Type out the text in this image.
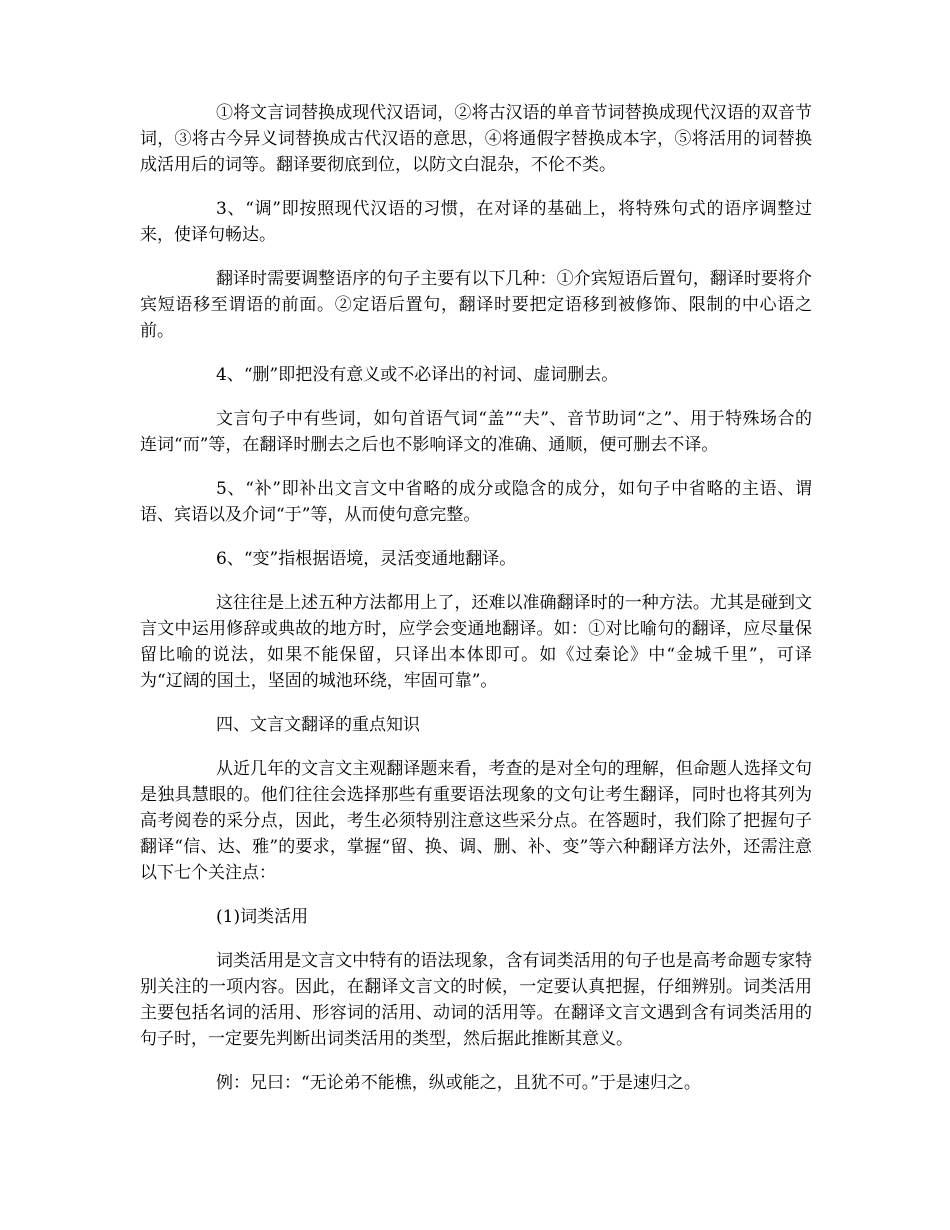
①将文言词替换成现代汉语词，②将古汉语的单音节词替换成现代汉语的双音节词，③将古今异义词替换成古代汉语的意思，④将通假字替换成本字，⑤将活用的词替换成活用后的词等。翻译要彻底到位，以防文白混杂，不伦不类。

3、“调”即按照现代汉语的习惯，在对译的基础上，将特殊句式的语序调整过来，使译句畅达。

翻译时需要调整语序的句子主要有以下几种：①介宾短语后置句，翻译时要将介宾短语移至谓语的前面。②定语后置句，翻译时要把定语移到被修饰、限制的中心语之前。

4、“删”即把没有意义或不必译出的衬词、虚词删去。

文言句子中有些词，如句首语气词“盖”“夫”、音节助词“之”、用于特殊场合的连词“而”等，在翻译时删去之后也不影响译文的准确、通顺，便可删去不译。

5、“补”即补出文言文中省略的成分或隐含的成分，如句子中省略的主语、谓语、宾语以及介词“于”等，从而使句意完整。

6、“变”指根据语境，灵活变通地翻译。

这往往是上述五种方法都用上了，还难以准确翻译时的一种方法。尤其是碰到文言文中运用修辞或典故的地方时，应学会变通地翻译。如：①对比喻句的翻译，应尽量保留比喻的说法，如果不能保留，只译出本体即可。如《过秦论》中“金城千里”，可译为“辽阔的国土，坚固的城池环绕，牢固可靠”。

四、文言文翻译的重点知识

从近几年的文言文主观翻译题来看，考查的是对全句的理解，但命题人选择文句是独具慧眼的。他们往往会选择那些有重要语法现象的文句让考生翻译，同时也将其列为高考阅卷的采分点，因此，考生必须特别注意这些采分点。在答题时，我们除了把握句子翻译“信、达、雅”的要求，掌握“留、换、调、删、补、变”等六种翻译方法外，还需注意以下七个关注点：

(1)词类活用

词类活用是文言文中特有的语法现象，含有词类活用的句子也是高考命题专家特别关注的一项内容。因此，在翻译文言文的时候，一定要认真把握，仔细辨别。词类活用主要包括名词的活用、形容词的活用、动词的活用等。在翻译文言文遇到含有词类活用的句子时，一定要先判断出词类活用的类型，然后据此推断其意义。

例：兄曰：“无论弟不能樵，纵或能之，且犹不可。”于是速归之。
